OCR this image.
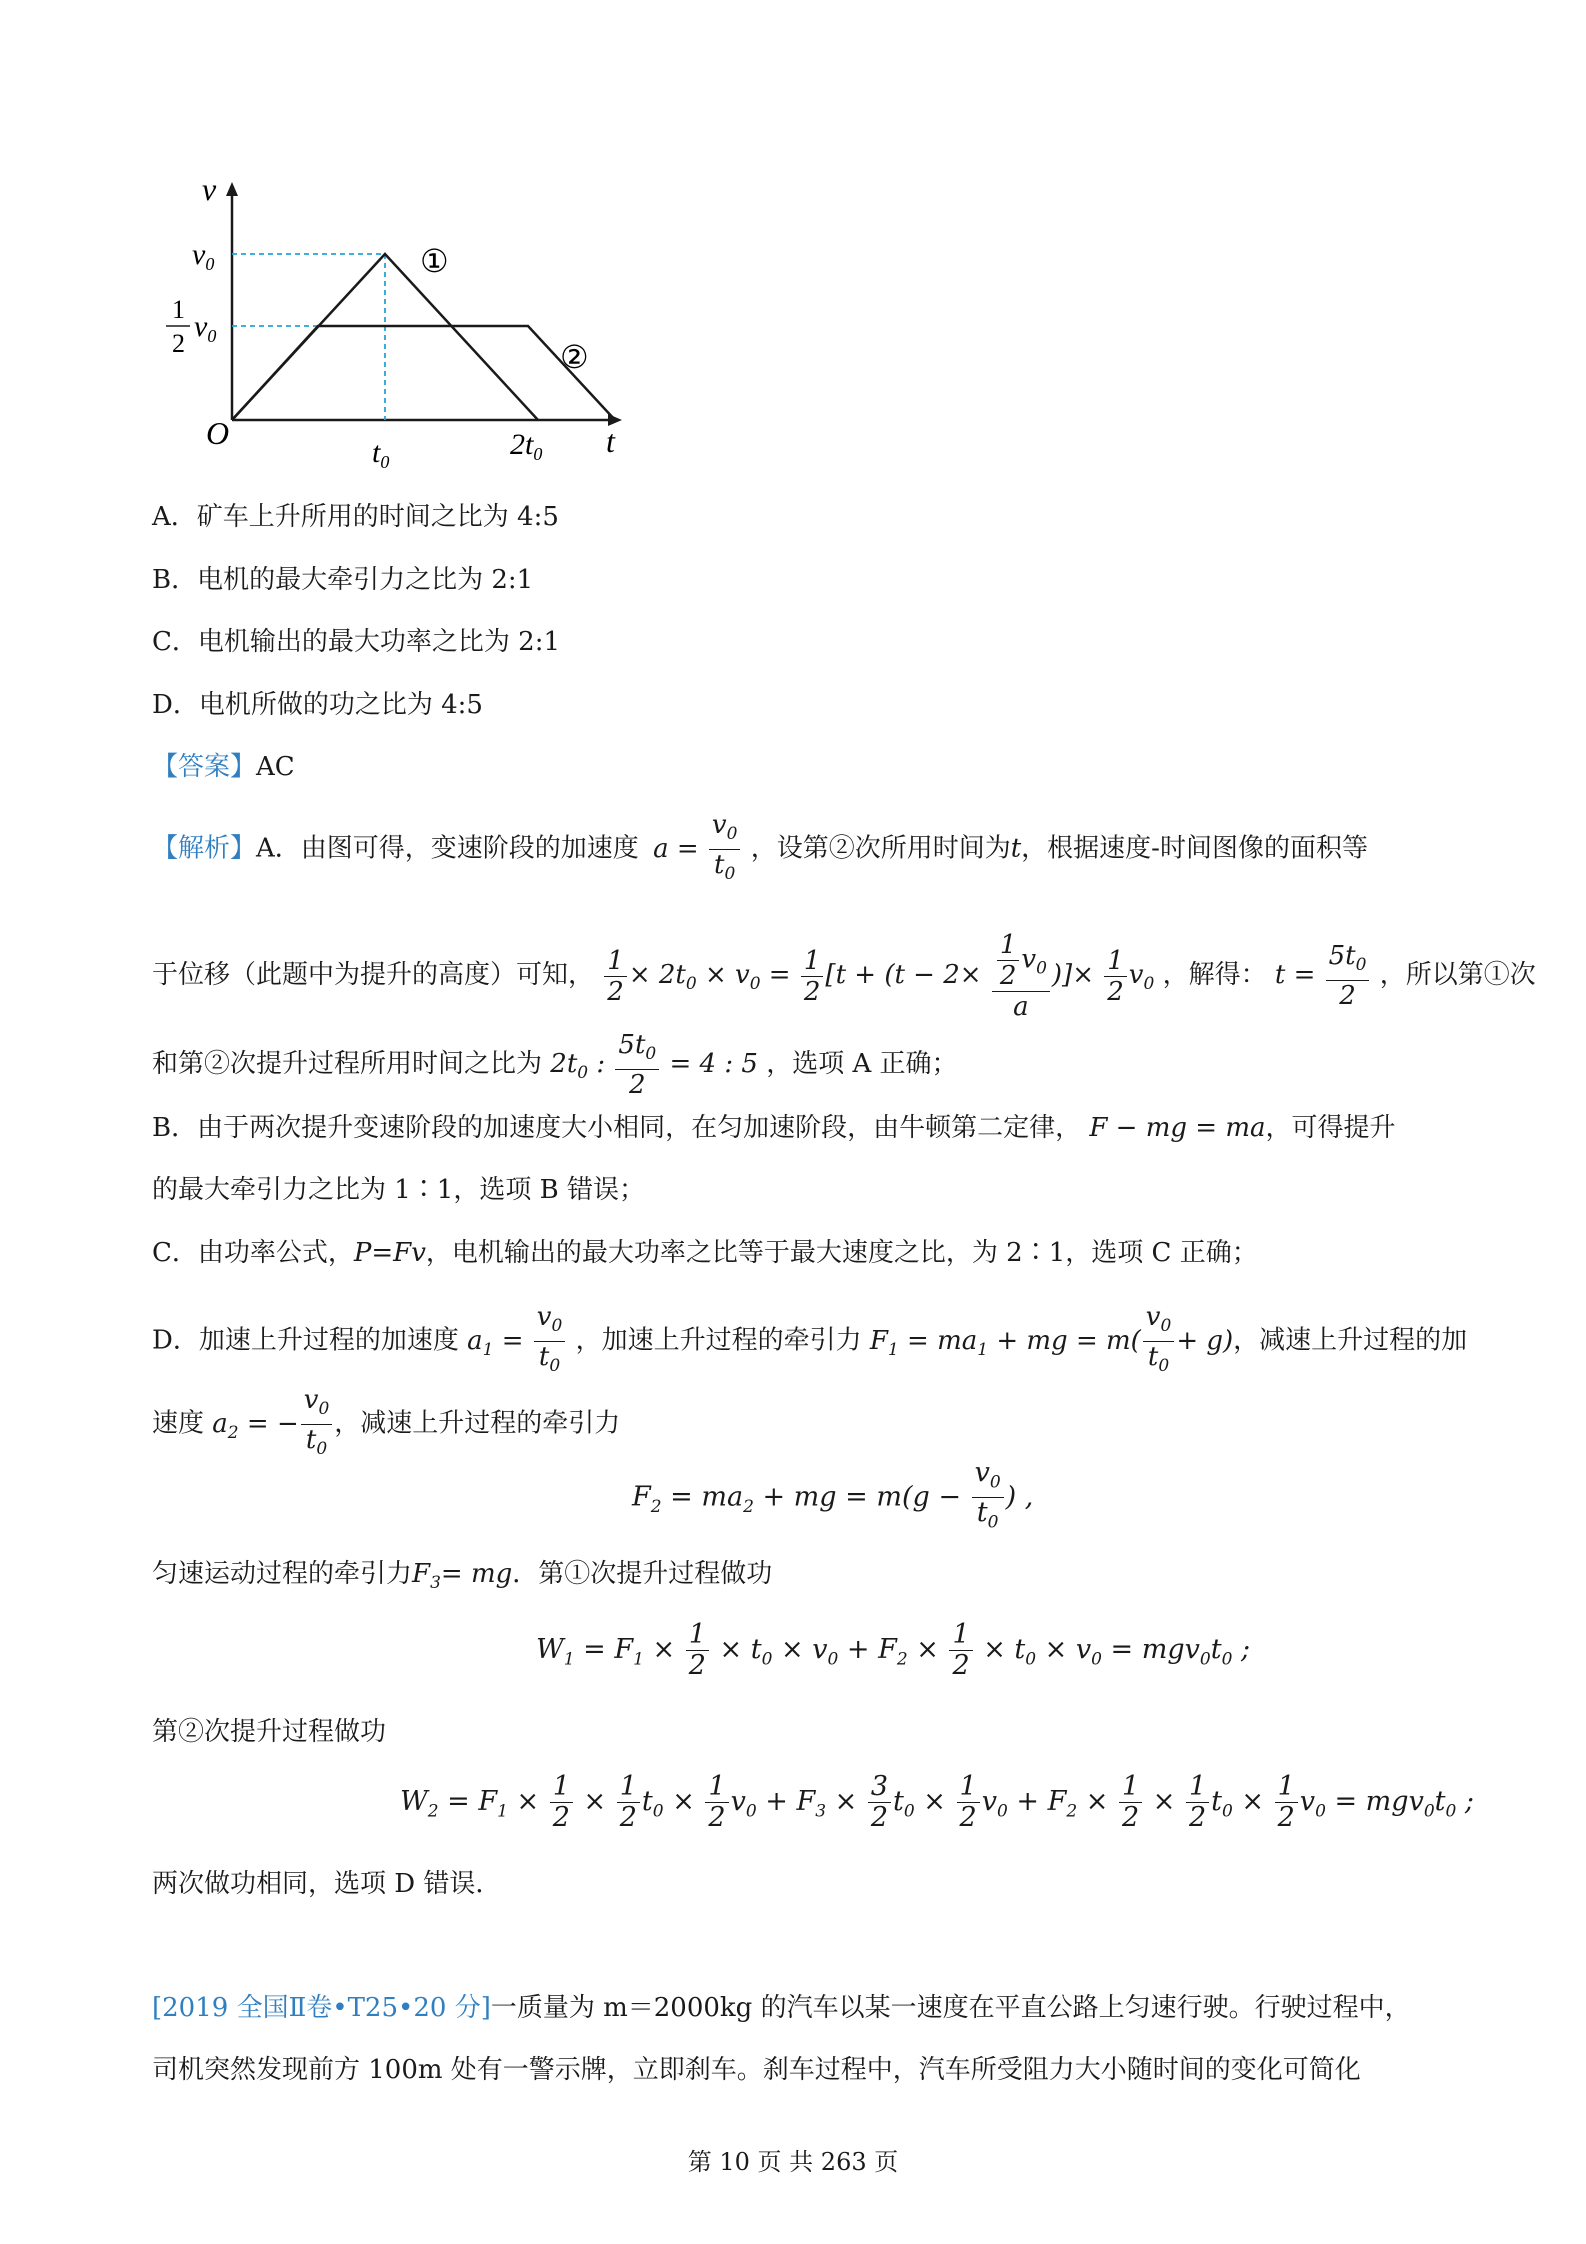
v
t
O
$v_0$
1
2
$v_0$
$t_0$
$2t_0$
①
②
A．矿车上升所用的时间之比为 4:5
B．电机的最大牵引力之比为 2:1
C．电机输出的最大功率之比为 2:1
D．电机所做的功之比为 4:5
【答案】AC
【解析】A．由图可得，变速阶段的加速度 $a = \frac{v_0}{t_0}$ ，设第②次所用时间为t，根据速度-时间图像的面积等
于位移（此题中为提升的高度）可知， $\frac{1}{2} \times 2t_0 \times v_0 = \frac{1}{2} [t + (t - 2\times \frac{\frac{1}{2} v_0}{a}$ )]× $\frac{1}{2} v_0$ ，解得： $t = \frac{5t_0}{2}$ ，所以第①次
和第②次提升过程所用时间之比为 $2t_0$ : $\frac{5t_0}{2} = 4$ : 5 ，选项 A 正确；
B．由于两次提升变速阶段的加速度大小相同，在匀加速阶段，由牛顿第二定律， F − mg = ma，可得提升
的最大牵引力之比为 1∶1，选项 B 错误；
C．由功率公式，P=Fv，电机输出的最大功率之比等于最大速度之比，为 2∶1，选项 C 正确；
D．加速上升过程的加速度 $a_1 = \frac{v_0}{t_0}$ ，加速上升过程的牵引力 $F_1 = ma_1$ + mg = $m( \frac{v_0}{t_0} + g)$，减速上升过程的加
速度 $a_2$ = − $\frac{v_0}{t_0}$ ，减速上升过程的牵引力
$F_2 = ma_2$ + mg = $m(g - \frac{v_0}{t_0}$ ) ,
匀速运动过程的牵引力$F_3=$ mg．第①次提升过程做功
$W_1 = F_1 \times \frac{1}{2} \times t_0 \times v_0 + F_2 \times \frac{1}{2} \times t_0 \times v_0 = mgv_0t_0$ ;
第②次提升过程做功
$W_2 = F_1 \times \frac{1}{2} \times \frac{1}{2} t_0 \times \frac{1}{2} v_0 + F_3 \times \frac{3}{2} t_0 \times \frac{1}{2} v_0 + F_2 \times \frac{1}{2} \times \frac{1}{2} t_0 \times \frac{1}{2} v_0 = mgv_0t_0$ ;
两次做功相同，选项 D 错误．
[2019 全国Ⅱ卷•T25•20 分]一质量为 m＝2000kg 的汽车以某一速度在平直公路上匀速行驶。行驶过程中，
司机突然发现前方 100m 处有一警示牌，立即刹车。刹车过程中，汽车所受阻力大小随时间的变化可简化
第 10 页 共 263 页
